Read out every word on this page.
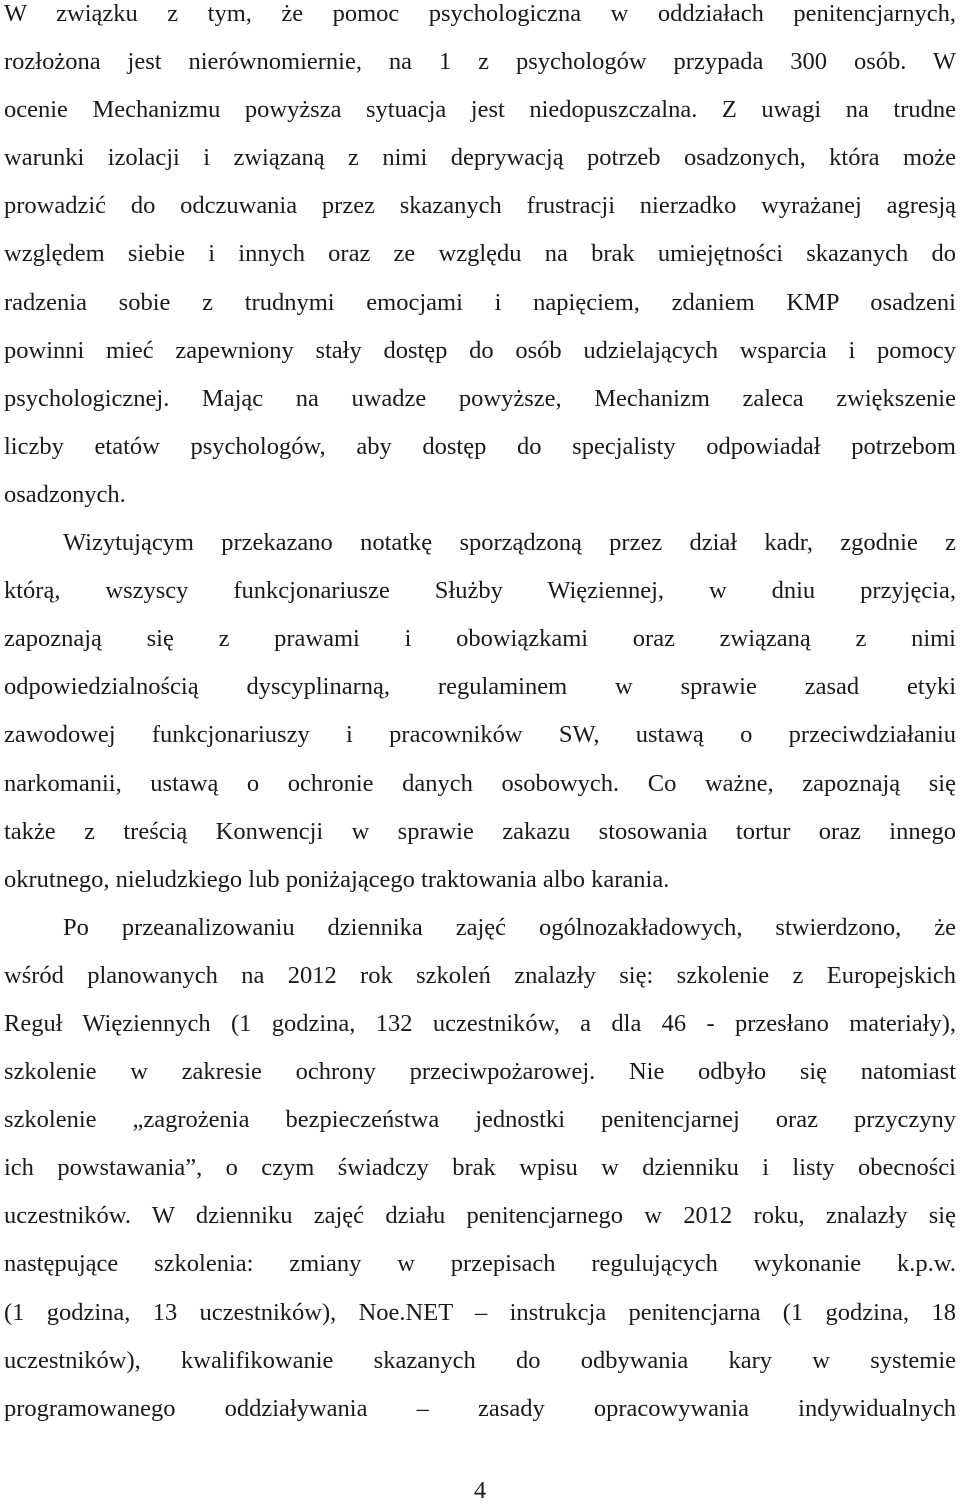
W związku z tym, że pomoc psychologiczna w oddziałach penitencjarnych,
rozłożona jest nierównomiernie, na 1 z psychologów przypada 300 osób. W
ocenie Mechanizmu powyższa sytuacja jest niedopuszczalna. Z uwagi na trudne
warunki izolacji i związaną z nimi deprywacją potrzeb osadzonych, która może
prowadzić do odczuwania przez skazanych frustracji nierzadko wyrażanej agresją
względem siebie i innych oraz ze względu na brak umiejętności skazanych do
radzenia sobie z trudnymi emocjami i napięciem, zdaniem KMP osadzeni
powinni mieć zapewniony stały dostęp do osób udzielających wsparcia i pomocy
psychologicznej. Mając na uwadze powyższe, Mechanizm zaleca zwiększenie
liczby etatów psychologów, aby dostęp do specjalisty odpowiadał potrzebom
osadzonych.
Wizytującym przekazano notatkę sporządzoną przez dział kadr, zgodnie z
którą, wszyscy funkcjonariusze Służby Więziennej, w dniu przyjęcia,
zapoznają się z prawami i obowiązkami oraz związaną z nimi
odpowiedzialnością dyscyplinarną, regulaminem w sprawie zasad etyki
zawodowej funkcjonariuszy i pracowników SW, ustawą o przeciwdziałaniu
narkomanii, ustawą o ochronie danych osobowych. Co ważne, zapoznają się
także z treścią Konwencji w sprawie zakazu stosowania tortur oraz innego
okrutnego, nieludzkiego lub poniżającego traktowania albo karania.
Po przeanalizowaniu dziennika zajęć ogólnozakładowych, stwierdzono, że
wśród planowanych na 2012 rok szkoleń znalazły się: szkolenie z Europejskich
Reguł Więziennych (1 godzina, 132 uczestników, a dla 46 - przesłano materiały),
szkolenie w zakresie ochrony przeciwpożarowej. Nie odbyło się natomiast
szkolenie „zagrożenia bezpieczeństwa jednostki penitencjarnej oraz przyczyny
ich powstawania”, o czym świadczy brak wpisu w dzienniku i listy obecności
uczestników. W dzienniku zajęć działu penitencjarnego w 2012 roku, znalazły się
następujące szkolenia: zmiany w przepisach regulujących wykonanie k.p.w.
(1 godzina, 13 uczestników), Noe.NET – instrukcja penitencjarna (1 godzina, 18
uczestników), kwalifikowanie skazanych do odbywania kary w systemie
programowanego oddziaływania – zasady opracowywania indywidualnych
4
